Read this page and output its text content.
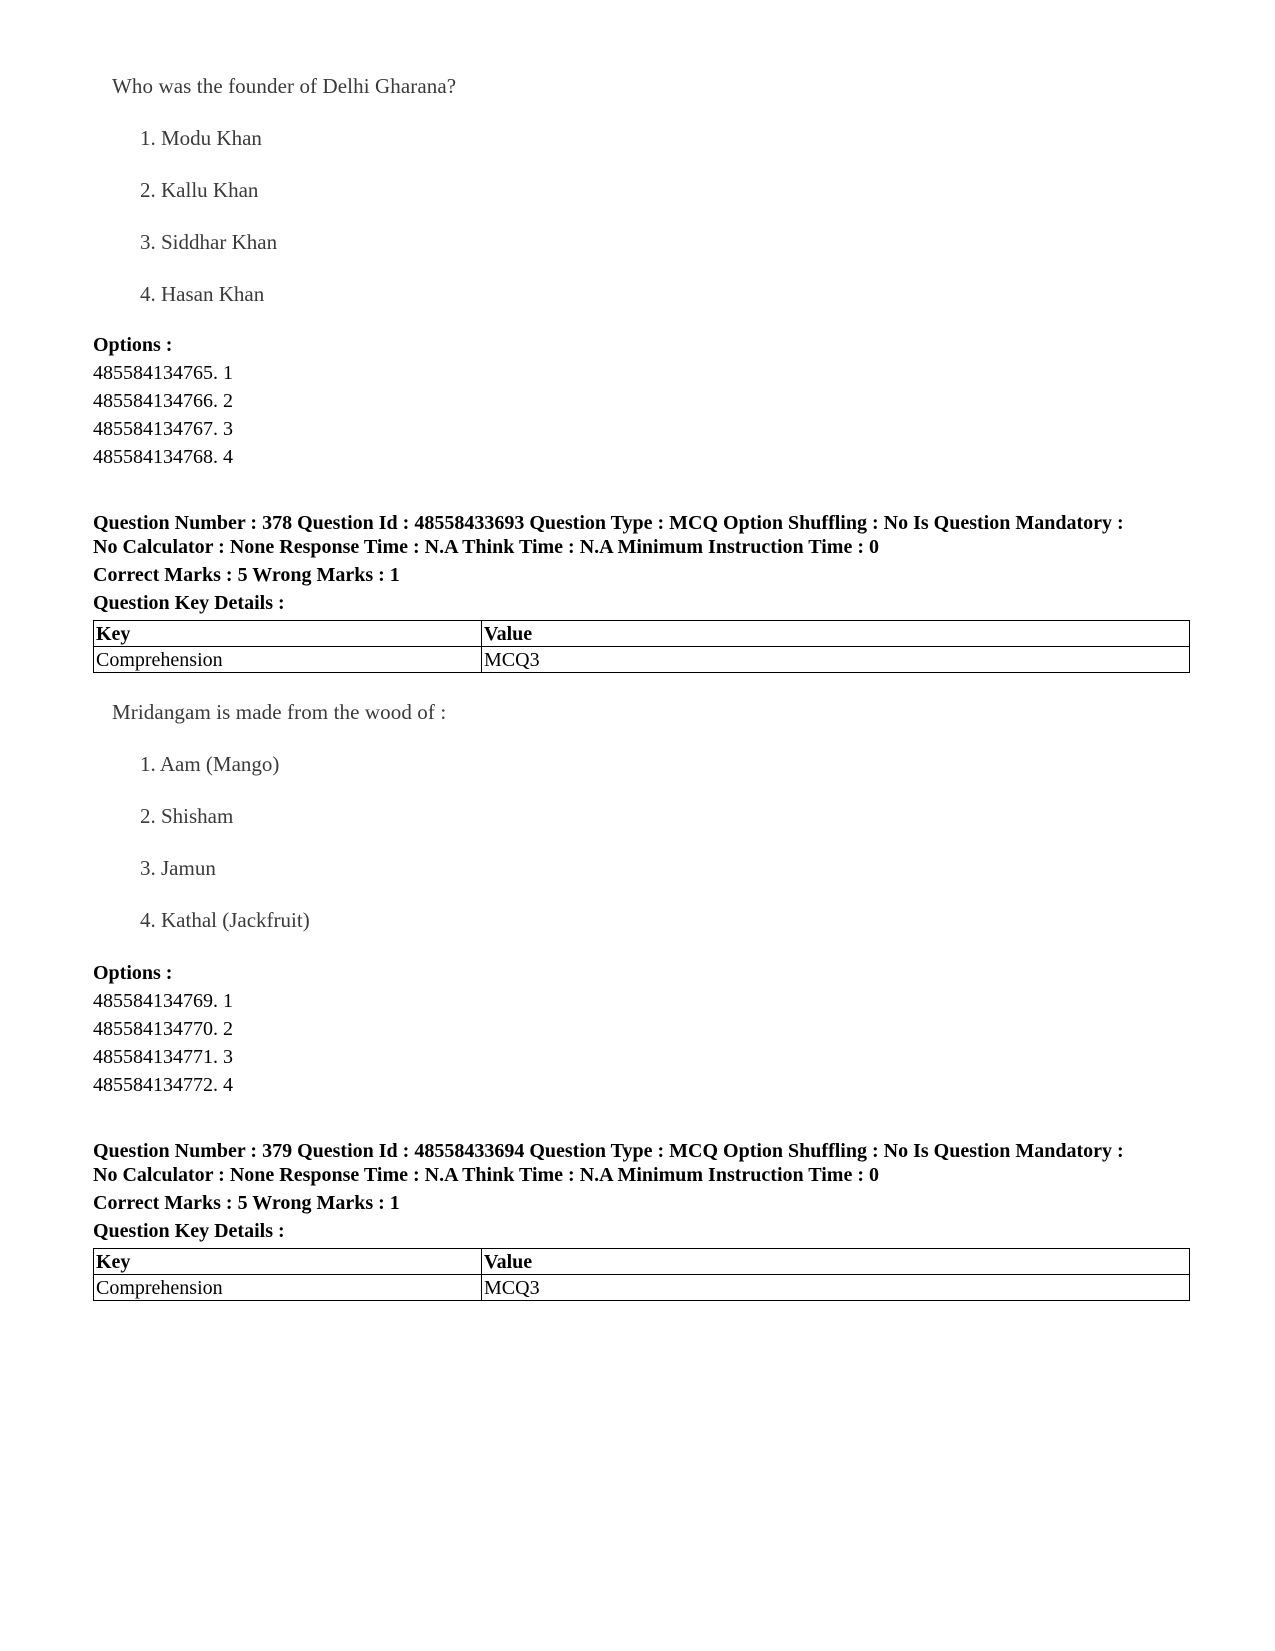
Who was the founder of Delhi Gharana?
1. Modu Khan
2. Kallu Khan
3. Siddhar Khan
4. Hasan Khan
Options :
485584134765. 1
485584134766. 2
485584134767. 3
485584134768. 4
Question Number : 378 Question Id : 48558433693 Question Type : MCQ Option Shuffling : No Is Question Mandatory :
No Calculator : None Response Time : N.A Think Time : N.A Minimum Instruction Time : 0
Correct Marks : 5 Wrong Marks : 1
Question Key Details :
Key	Value
Comprehension	MCQ3
Mridangam is made from the wood of :
1. Aam (Mango)
2. Shisham
3. Jamun
4. Kathal (Jackfruit)
Options :
485584134769. 1
485584134770. 2
485584134771. 3
485584134772. 4
Question Number : 379 Question Id : 48558433694 Question Type : MCQ Option Shuffling : No Is Question Mandatory :
No Calculator : None Response Time : N.A Think Time : N.A Minimum Instruction Time : 0
Correct Marks : 5 Wrong Marks : 1
Question Key Details :
Key	Value
Comprehension	MCQ3
